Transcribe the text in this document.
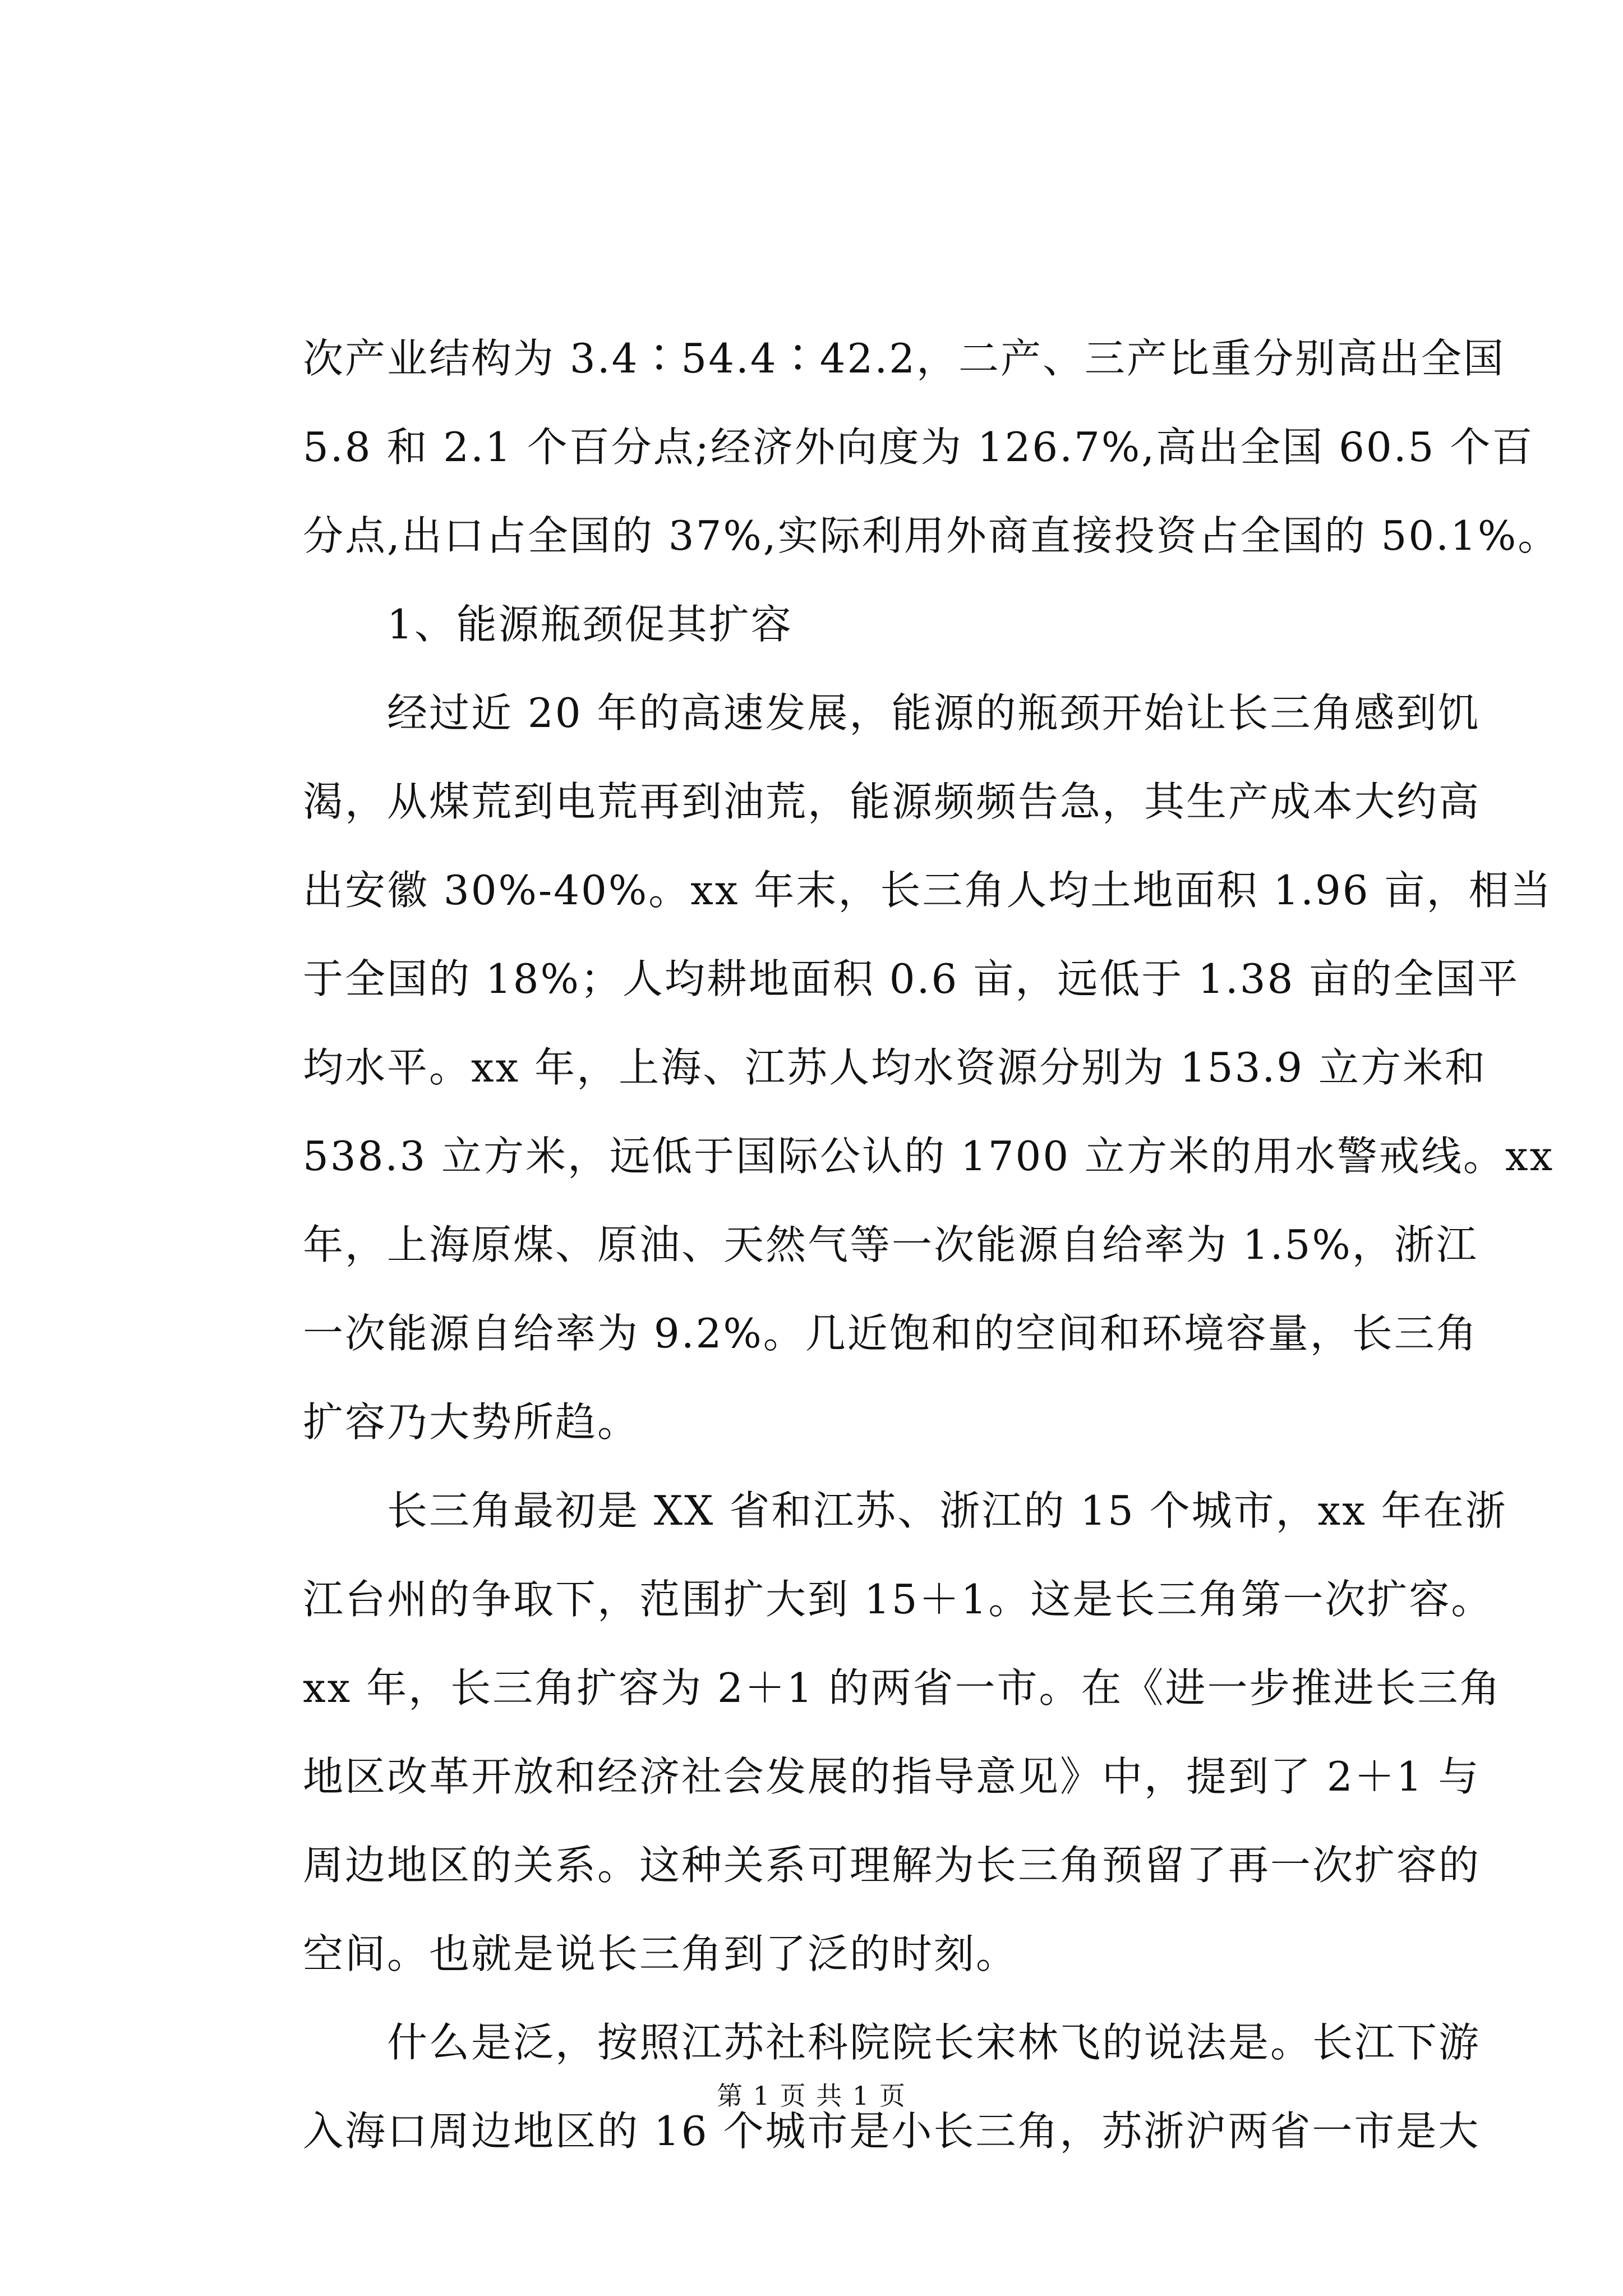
次产业结构为 3.4∶54.4∶42.2，二产、三产比重分别高出全国
5.8 和 2.1 个百分点;经济外向度为 126.7%,高出全国 60.5 个百
分点,出口占全国的 37%,实际利用外商直接投资占全国的 50.1%。
　　1、能源瓶颈促其扩容
　　经过近 20 年的高速发展，能源的瓶颈开始让长三角感到饥
渴，从煤荒到电荒再到油荒，能源频频告急，其生产成本大约高
出安徽 30%-40%。xx 年末，长三角人均土地面积 1.96 亩，相当
于全国的 18%；人均耕地面积 0.6 亩，远低于 1.38 亩的全国平
均水平。xx 年，上海、江苏人均水资源分别为 153.9 立方米和
538.3 立方米，远低于国际公认的 1700 立方米的用水警戒线。xx
年，上海原煤、原油、天然气等一次能源自给率为 1.5%，浙江
一次能源自给率为 9.2%。几近饱和的空间和环境容量，长三角
扩容乃大势所趋。
　　长三角最初是 XX 省和江苏、浙江的 15 个城市，xx 年在浙
江台州的争取下，范围扩大到 15＋1。这是长三角第一次扩容。
xx 年，长三角扩容为 2＋1 的两省一市。在《进一步推进长三角
地区改革开放和经济社会发展的指导意见》中，提到了 2＋1 与
周边地区的关系。这种关系可理解为长三角预留了再一次扩容的
空间。也就是说长三角到了泛的时刻。
　　什么是泛，按照江苏社科院院长宋林飞的说法是。长江下游
入海口周边地区的 16 个城市是小长三角，苏浙沪两省一市是大
第 1 页 共 1 页
